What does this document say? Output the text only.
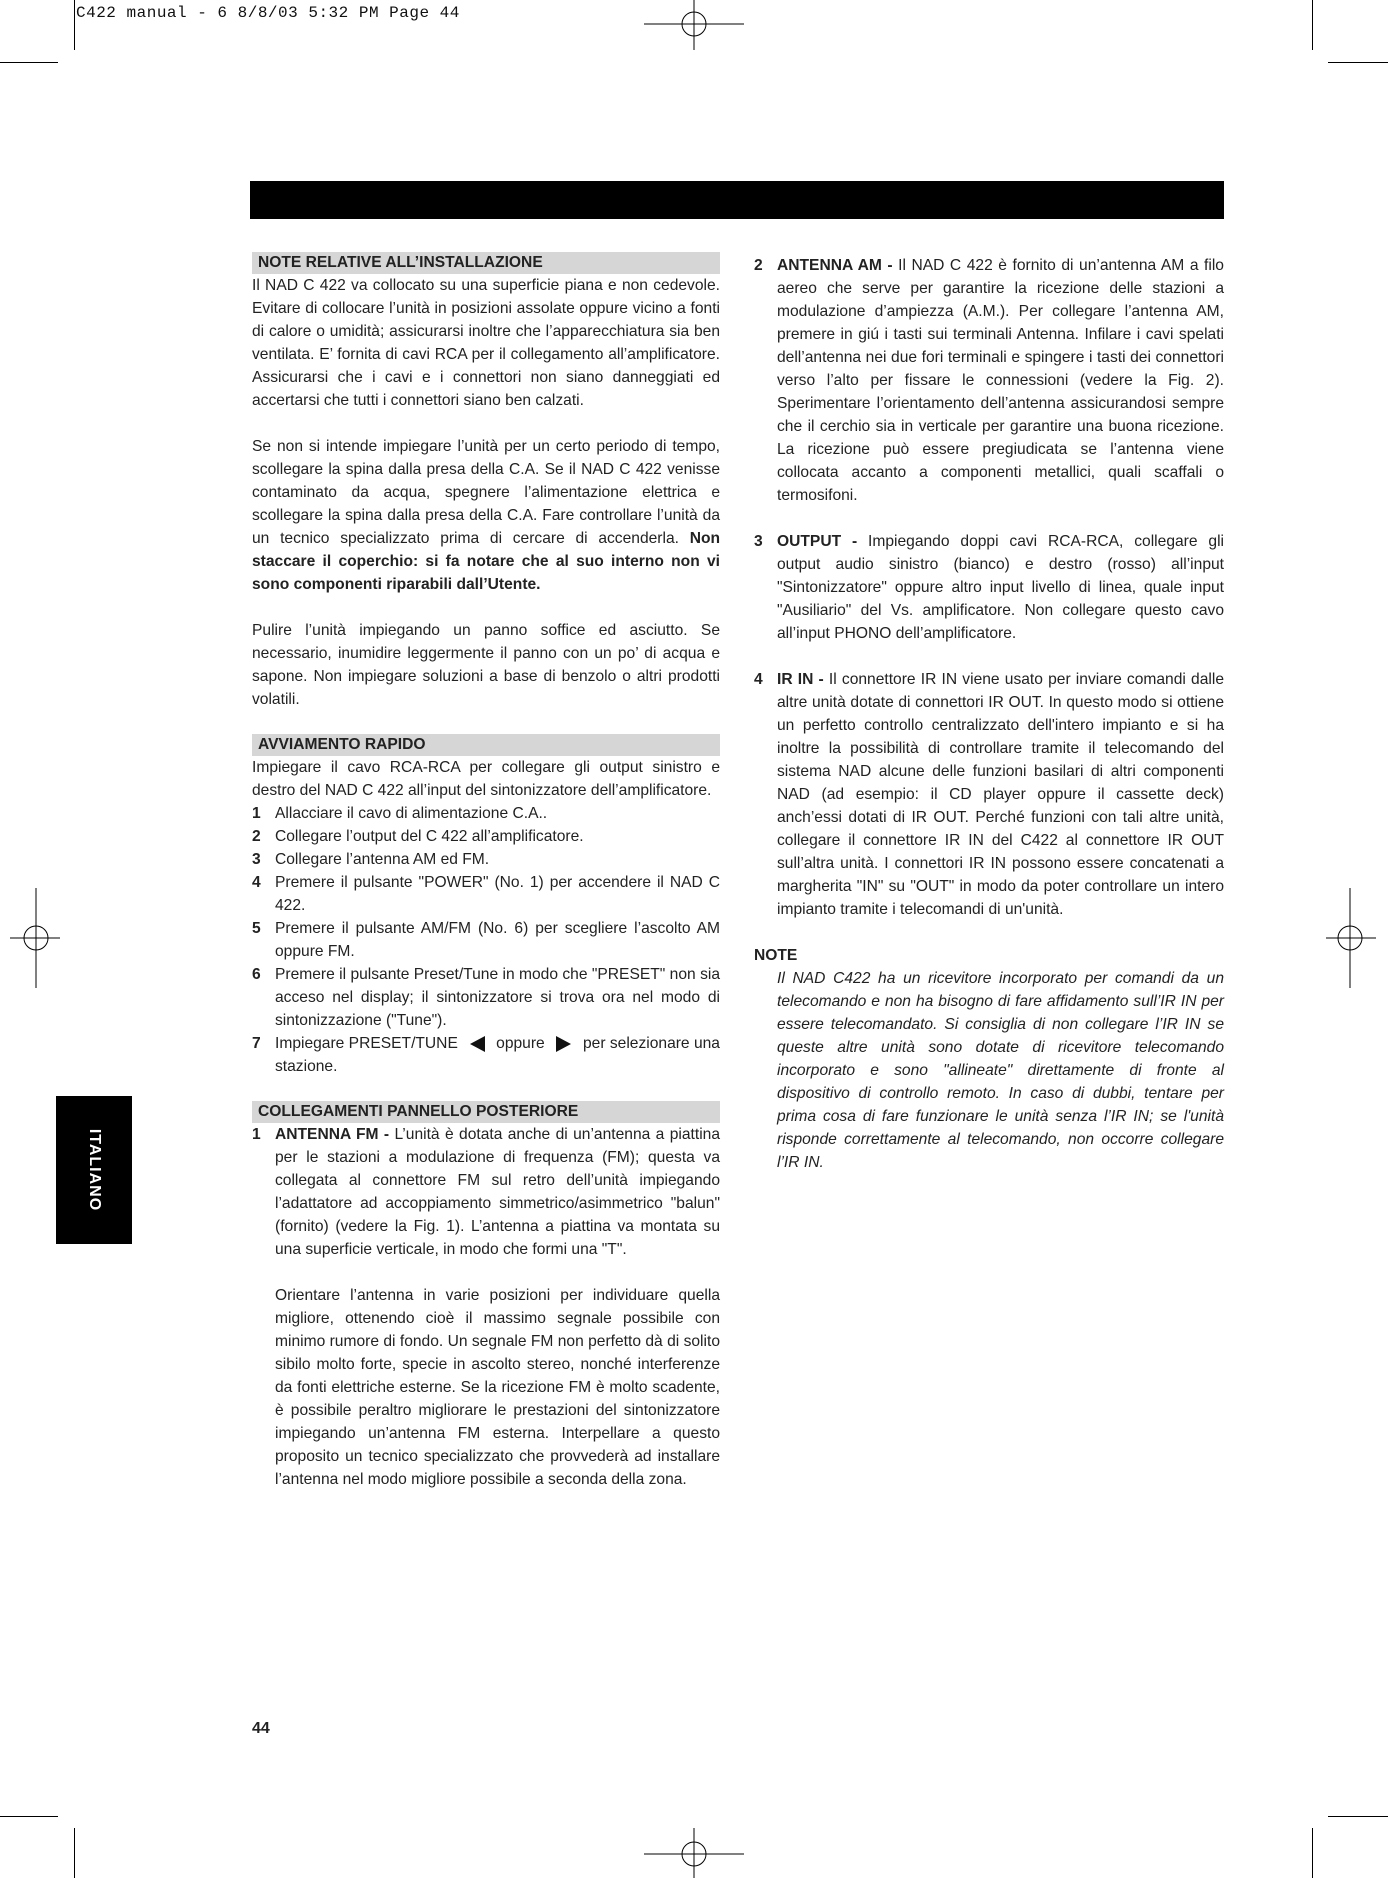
C422 manual - 6 8/8/03 5:32 PM Page 44
ITALIANO
NOTE RELATIVE ALL’INSTALLAZIONE

Il NAD C 422 va collocato su una superficie piana e non cedevole. Evitare di collocare l’unità in posizioni assolate oppure vicino a fonti di calore o umidità; assicurarsi inoltre che l’apparecchiatura sia ben ventilata. E’ fornita di cavi RCA per il collegamento all’amplificatore. Assicurarsi che i cavi e i connettori non siano danneggiati ed accertarsi che tutti i connettori siano ben calzati.

Se non si intende impiegare l’unità per un certo periodo di tempo, scollegare la spina dalla presa della C.A. Se il NAD C 422 venisse contaminato da acqua, spegnere l’alimentazione elettrica e scollegare la spina dalla presa della C.A. Fare controllare l’unità da un tecnico specializzato prima di cercare di accenderla. Non staccare il coperchio: si fa notare che al suo interno non vi sono componenti riparabili dall’Utente.

Pulire l’unità impiegando un panno soffice ed asciutto. Se necessario, inumidire leggermente il panno con un po’ di acqua e sapone. Non impiegare soluzioni a base di benzolo o altri prodotti volatili.

AVVIAMENTO RAPIDO

Impiegare il cavo RCA-RCA per collegare gli output sinistro e destro del NAD C 422 all’input del sintonizzatore dell’amplificatore.

1 Allacciare il cavo di alimentazione C.A..
2 Collegare l’output del C 422 all’amplificatore.
3 Collegare l’antenna AM ed FM.
4 Premere il pulsante "POWER" (No. 1) per accendere il NAD C 422.
5 Premere il pulsante AM/FM (No. 6) per scegliere l’ascolto AM oppure FM.
6 Premere il pulsante Preset/Tune in modo che "PRESET" non sia acceso nel display; il sintonizzatore si trova ora nel modo di sintonizzazione ("Tune").
7 Impiegare PRESET/TUNE oppure per selezionare una
stazione.
COLLEGAMENTI PANNELLO POSTERIORE
1 ANTENNA FM - L’unità è dotata anche di un’antenna a piattina per le stazioni a modulazione di frequenza (FM); questa va collegata al connettore FM sul retro dell’unità impiegando l’adattatore ad accoppiamento simmetrico/asimmetrico "balun" (fornito) (vedere la Fig. 1). L’antenna a piattina va montata su una superficie verticale, in modo che formi una "T".

Orientare l’antenna in varie posizioni per individuare quella migliore, ottenendo cioè il massimo segnale possibile con minimo rumore di fondo. Un segnale FM non perfetto dà di solito sibilo molto forte, specie in ascolto stereo, nonché interferenze da fonti elettriche esterne. Se la ricezione FM è molto scadente, è possibile peraltro migliorare le prestazioni del sintonizzatore impiegando un’antenna FM esterna. Interpellare a questo proposito un tecnico specializzato che provvederà ad installare l’antenna nel modo migliore possibile a seconda della zona.

2 ANTENNA AM - Il NAD C 422 è fornito di un’antenna AM a filo aereo che serve per garantire la ricezione delle stazioni a modulazione d’ampiezza (A.M.). Per collegare l’antenna AM, premere in giú i tasti sui terminali Antenna. Infilare i cavi spelati dell’antenna nei due fori terminali e spingere i tasti dei connettori verso l’alto per fissare le connessioni (vedere la Fig. 2). Sperimentare l’orientamento dell’antenna assicurandosi sempre che il cerchio sia in verticale per garantire una buona ricezione. La ricezione può essere pregiudicata se l’antenna viene collocata accanto a componenti metallici, quali scaffali o termosifoni.
3 OUTPUT - Impiegando doppi cavi RCA-RCA, collegare gli output audio sinistro (bianco) e destro (rosso) all’input "Sintonizzatore" oppure altro input livello di linea, quale input "Ausiliario" del Vs. amplificatore. Non collegare questo cavo all’input PHONO dell’amplificatore.
4 IR IN - Il connettore IR IN viene usato per inviare comandi dalle altre unità dotate di connettori IR OUT. In questo modo si ottiene un perfetto controllo centralizzato dell'intero impianto e si ha inoltre la possibilità di controllare tramite il telecomando del sistema NAD alcune delle funzioni basilari di altri componenti NAD (ad esempio: il CD player oppure il cassette deck) anch’essi dotati di IR OUT. Perché funzioni con tali altre unità, collegare il connettore IR IN del C422 al connettore IR OUT sull’altra unità. I connettori IR IN possono essere concatenati a margherita "IN" su "OUT" in modo da poter controllare un intero impianto tramite i telecomandi di un'unità.

NOTE

Il NAD C422 ha un ricevitore incorporato per comandi da un telecomando e non ha bisogno di fare affidamento sull’IR IN per essere telecomandato. Si consiglia di non collegare l’IR IN se queste altre unità sono dotate di ricevitore telecomando incorporato e sono "allineate" direttamente di fronte al dispositivo di controllo remoto. In caso di dubbi, tentare per prima cosa di fare funzionare le unità senza l’IR IN; se l'unità risponde correttamente al telecomando, non occorre collegare l’IR IN.

44
